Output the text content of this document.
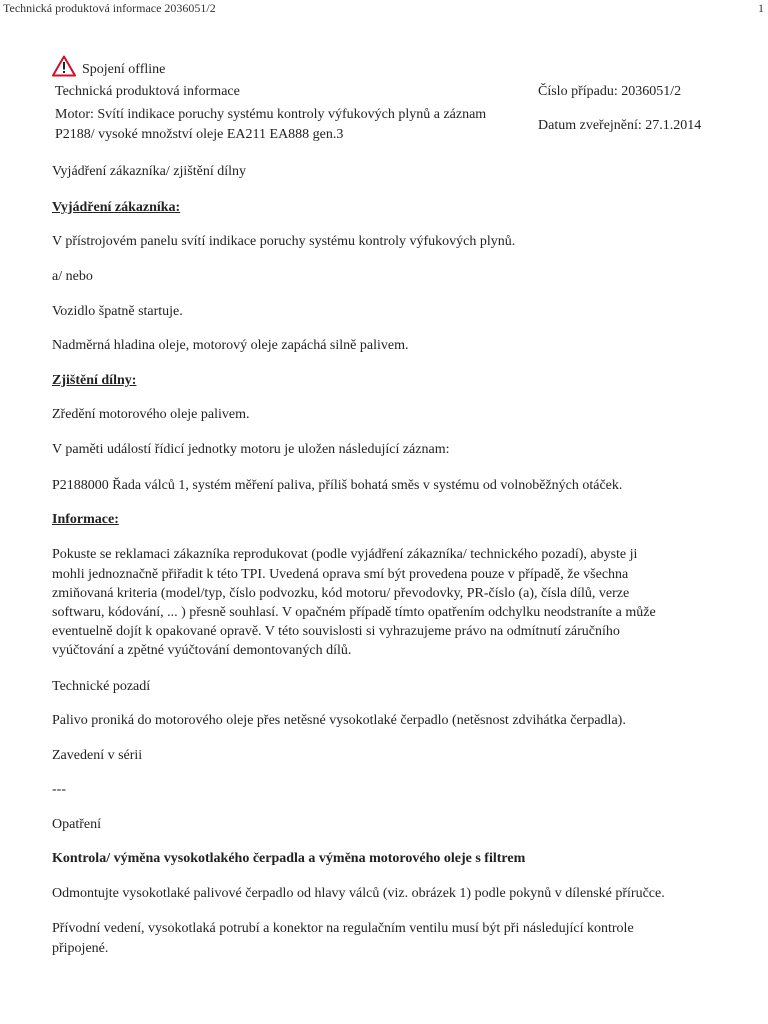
Technická produktová informace 2036051/2	1
Spojení offline
Technická produktová informace	Číslo případu: 2036051/2
Motor: Svítí indikace poruchy systému kontroly výfukových plynů a záznam
P2188/ vysoké množství oleje EA211 EA888 gen.3
Datum zveřejnění: 27.1.2014
Vyjádření zákazníka/ zjištění dílny
Vyjádření zákazníka:
V přístrojovém panelu svítí indikace poruchy systému kontroly výfukových plynů.
a/ nebo
Vozidlo špatně startuje.
Nadměrná hladina oleje, motorový oleje zapáchá silně palivem.
Zjištění dílny:
Zředění motorového oleje palivem.
V paměti událostí řídicí jednotky motoru je uložen následující záznam:
P2188000 Řada válců 1, systém měření paliva, příliš bohatá směs v systému od volnoběžných otáček.
Informace:
Pokuste se reklamaci zákazníka reprodukovat (podle vyjádření zákazníka/ technického pozadí), abyste ji
mohli jednoznačně přiřadit k této TPI. Uvedená oprava smí být provedena pouze v případě, že všechna
zmiňovaná kriteria (model/typ, číslo podvozku, kód motoru/ převodovky, PR-číslo (a), čísla dílů, verze
softwaru, kódování, ... ) přesně souhlasí. V opačném případě tímto opatřením odchylku neodstraníte a může
eventuelně dojít k opakované opravě. V této souvislosti si vyhrazujeme právo na odmítnutí záručního
vyúčtování a zpětné vyúčtování demontovaných dílů.
Technické pozadí
Palivo proniká do motorového oleje přes netěsné vysokotlaké čerpadlo (netěsnost zdvihátka čerpadla).
Zavedení v sérii
---
Opatření
Kontrola/ výměna vysokotlakého čerpadla a výměna motorového oleje s filtrem
Odmontujte vysokotlaké palivové čerpadlo od hlavy válců (viz. obrázek 1) podle pokynů v dílenské příručce.
Přívodní vedení, vysokotlaká potrubí a konektor na regulačním ventilu musí být při následující kontrole
připojené.
